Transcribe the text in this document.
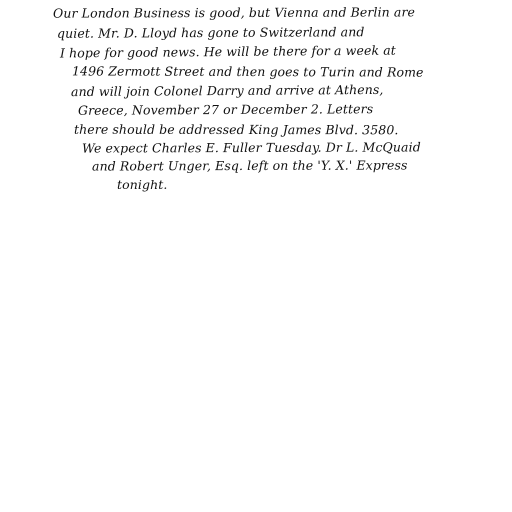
Our London Business is good, but Vienna and Berlin are
quiet. Mr. D. Lloyd has gone to Switzerland and
I hope for good news. He will be there for a week at
1496 Zermott Street and then goes to Turin and Rome
and will join Colonel Darry and arrive at Athens,
Greece, November 27 or December 2. Letters
there should be addressed King James Blvd. 3580.
We expect Charles E. Fuller Tuesday. Dr L. McQuaid
and Robert Unger, Esq. left on the 'Y. X.' Express
tonight.
